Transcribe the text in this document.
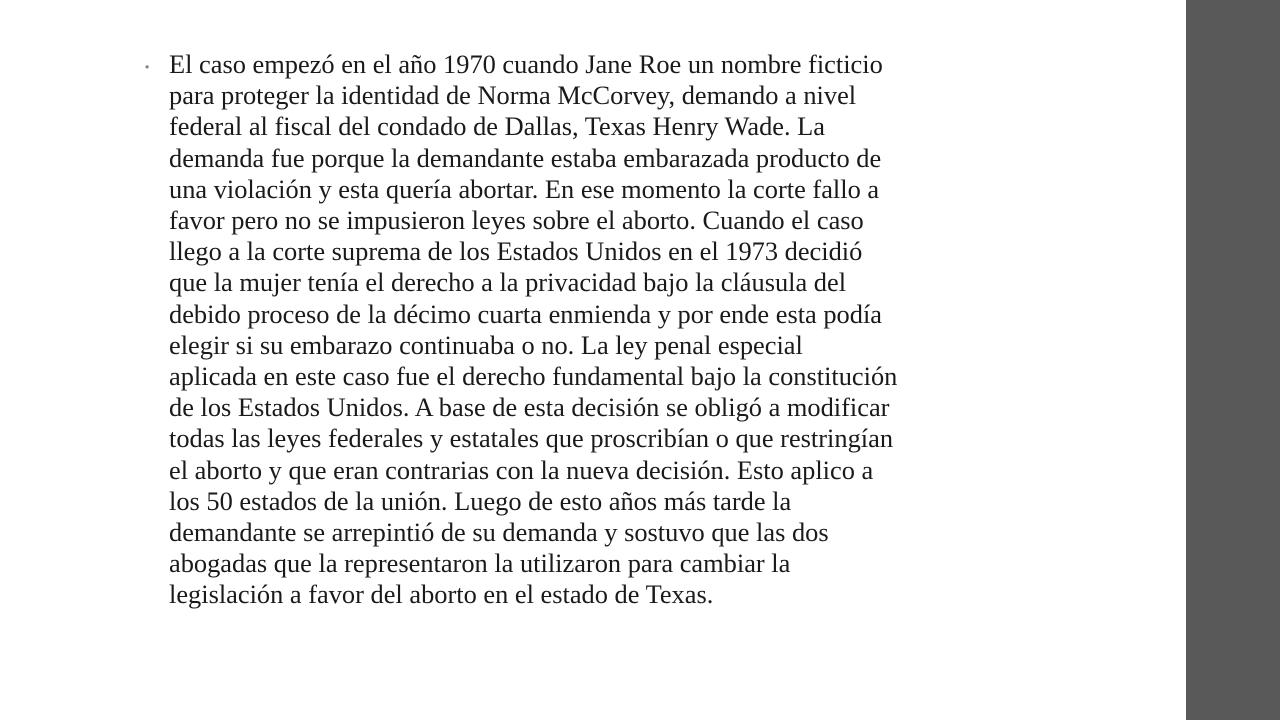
• El caso empezó en el año 1970 cuando Jane Roe un nombre ficticio
para proteger la identidad de Norma McCorvey, demando a nivel
federal al fiscal del condado de Dallas, Texas Henry Wade. La
demanda fue porque la demandante estaba embarazada producto de
una violación y esta quería abortar. En ese momento la corte fallo a
favor pero no se impusieron leyes sobre el aborto. Cuando el caso
llego a la corte suprema de los Estados Unidos en el 1973 decidió
que la mujer tenía el derecho a la privacidad bajo la cláusula del
debido proceso de la décimo cuarta enmienda y por ende esta podía
elegir si su embarazo continuaba o no. La ley penal especial
aplicada en este caso fue el derecho fundamental bajo la constitución
de los Estados Unidos. A base de esta decisión se obligó a modificar
todas las leyes federales y estatales que proscribían o que restringían
el aborto y que eran contrarias con la nueva decisión. Esto aplico a
los 50 estados de la unión. Luego de esto años más tarde la
demandante se arrepintió de su demanda y sostuvo que las dos
abogadas que la representaron la utilizaron para cambiar la
legislación a favor del aborto en el estado de Texas.
